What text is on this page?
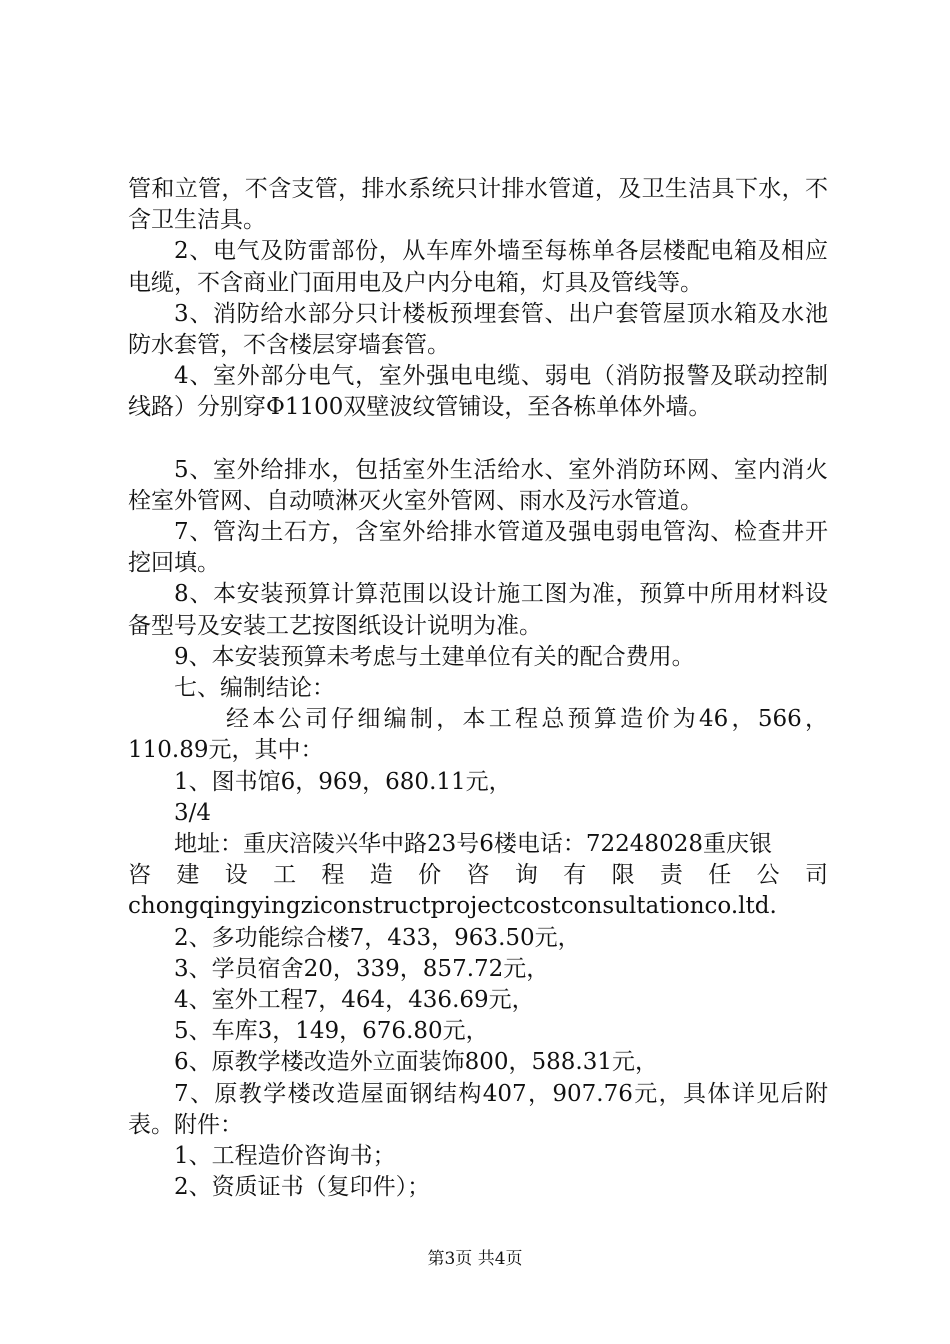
管和立管，不含支管，排水系统只计排水管道，及卫生洁具下水，不含卫生洁具。

2、电气及防雷部份，从车库外墙至每栋单各层楼配电箱及相应电缆，不含商业门面用电及户内分电箱，灯具及管线等。

3、消防给水部分只计楼板预埋套管、出户套管屋顶水箱及水池防水套管，不含楼层穿墙套管。

4、室外部分电气，室外强电电缆、弱电（消防报警及联动控制线路）分别穿Φ1100双壁波纹管铺设，至各栋单体外墙。

5、室外给排水，包括室外生活给水、室外消防环网、室内消火栓室外管网、自动喷淋灭火室外管网、雨水及污水管道。

7、管沟土石方，含室外给排水管道及强电弱电管沟、检查井开挖回填。

8、本安装预算计算范围以设计施工图为准，预算中所用材料设备型号及安装工艺按图纸设计说明为准。

9、本安装预算未考虑与土建单位有关的配合费用。

七、编制结论：

经本公司仔细编制，本工程总预算造价为46，566，110.89元，其中：

1、图书馆6，969，680.11元，

3/4

地址：重庆涪陵兴华中路23号6楼电话：72248028重庆银

咨建设工程造价咨询有限责任公司

chongqingyingziconstructprojectcostconsultationco.ltd.

2、多功能综合楼7，433，963.50元，

3、学员宿舍20，339，857.72元，

4、室外工程7，464，436.69元，

5、车库3，149，676.80元，

6、原教学楼改造外立面装饰800，588.31元，

7、原教学楼改造屋面钢结构407，907.76元，具体详见后附表。附件：

1、工程造价咨询书；

2、资质证书（复印件）；

第3页 共4页
